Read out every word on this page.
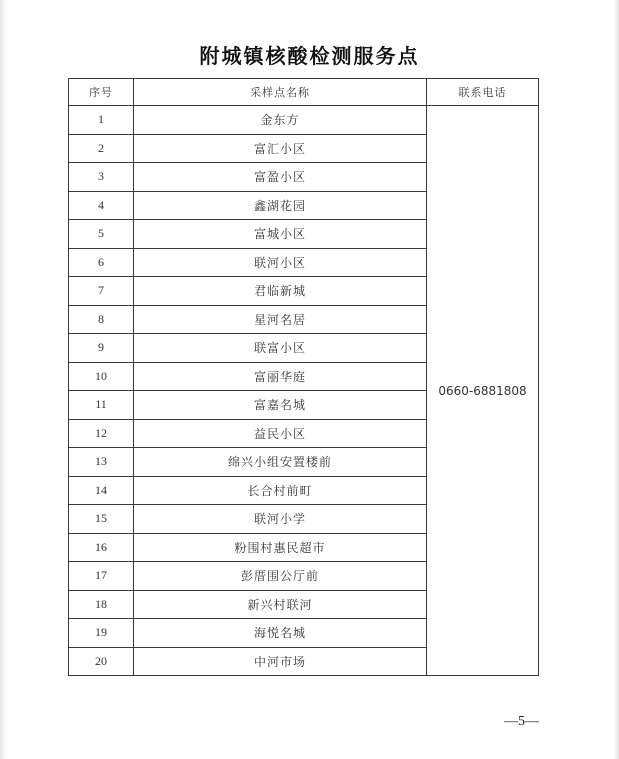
附城镇核酸检测服务点
序号	采样点名称	联系电话
1	金东方	0660-6881808
2	富汇小区	
3	富盈小区	
4	鑫湖花园	
5	富城小区	
6	联河小区	
7	君临新城	
8	星河名居	
9	联富小区	
10	富丽华庭	
11	富嘉名城	
12	益民小区	
13	绵兴小组安置楼前	
14	长合村前町	
15	联河小学	
16	粉围村惠民超市	
17	彭厝围公厅前	
18	新兴村联河	
19	海悦名城	
20	中河市场	
—5—
